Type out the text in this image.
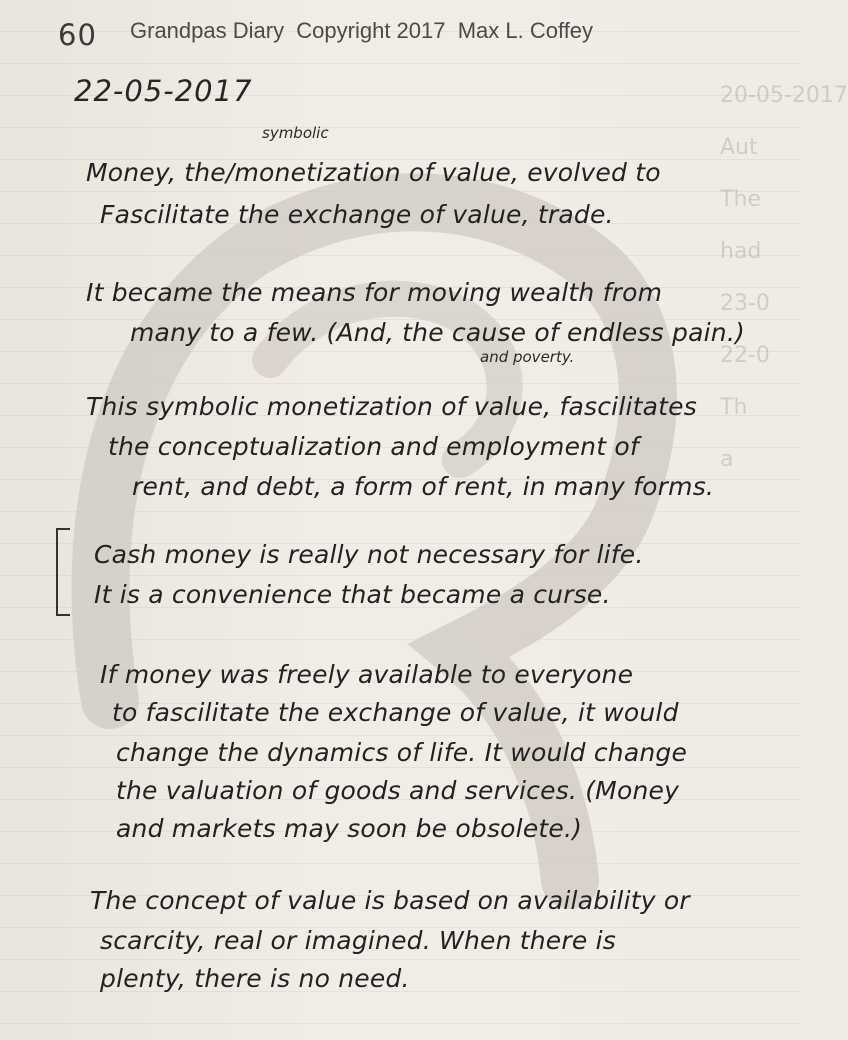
20-05-2017
Aut
The
had
23-0
22-0
Th
a
60 Grandpas Diary  Copyright 2017  Max L. Coffey
22-05-2017
symbolic
Money, the/monetization of value, evolved to
Fascilitate the exchange of value, trade.
It became the means for moving wealth from
many to a few. (And, the cause of endless pain.)
and poverty.
This symbolic monetization of value, fascilitates
the conceptualization and employment of
rent, and debt, a form of rent, in many forms.
Cash money is really not necessary for life.
It is a convenience that became a curse.
If money was freely available to everyone
to fascilitate the exchange of value, it would
change the dynamics of life. It would change
the valuation of goods and services. (Money
and markets may soon be obsolete.)
The concept of value is based on availability or
scarcity, real or imagined. When there is
plenty, there is no need.
